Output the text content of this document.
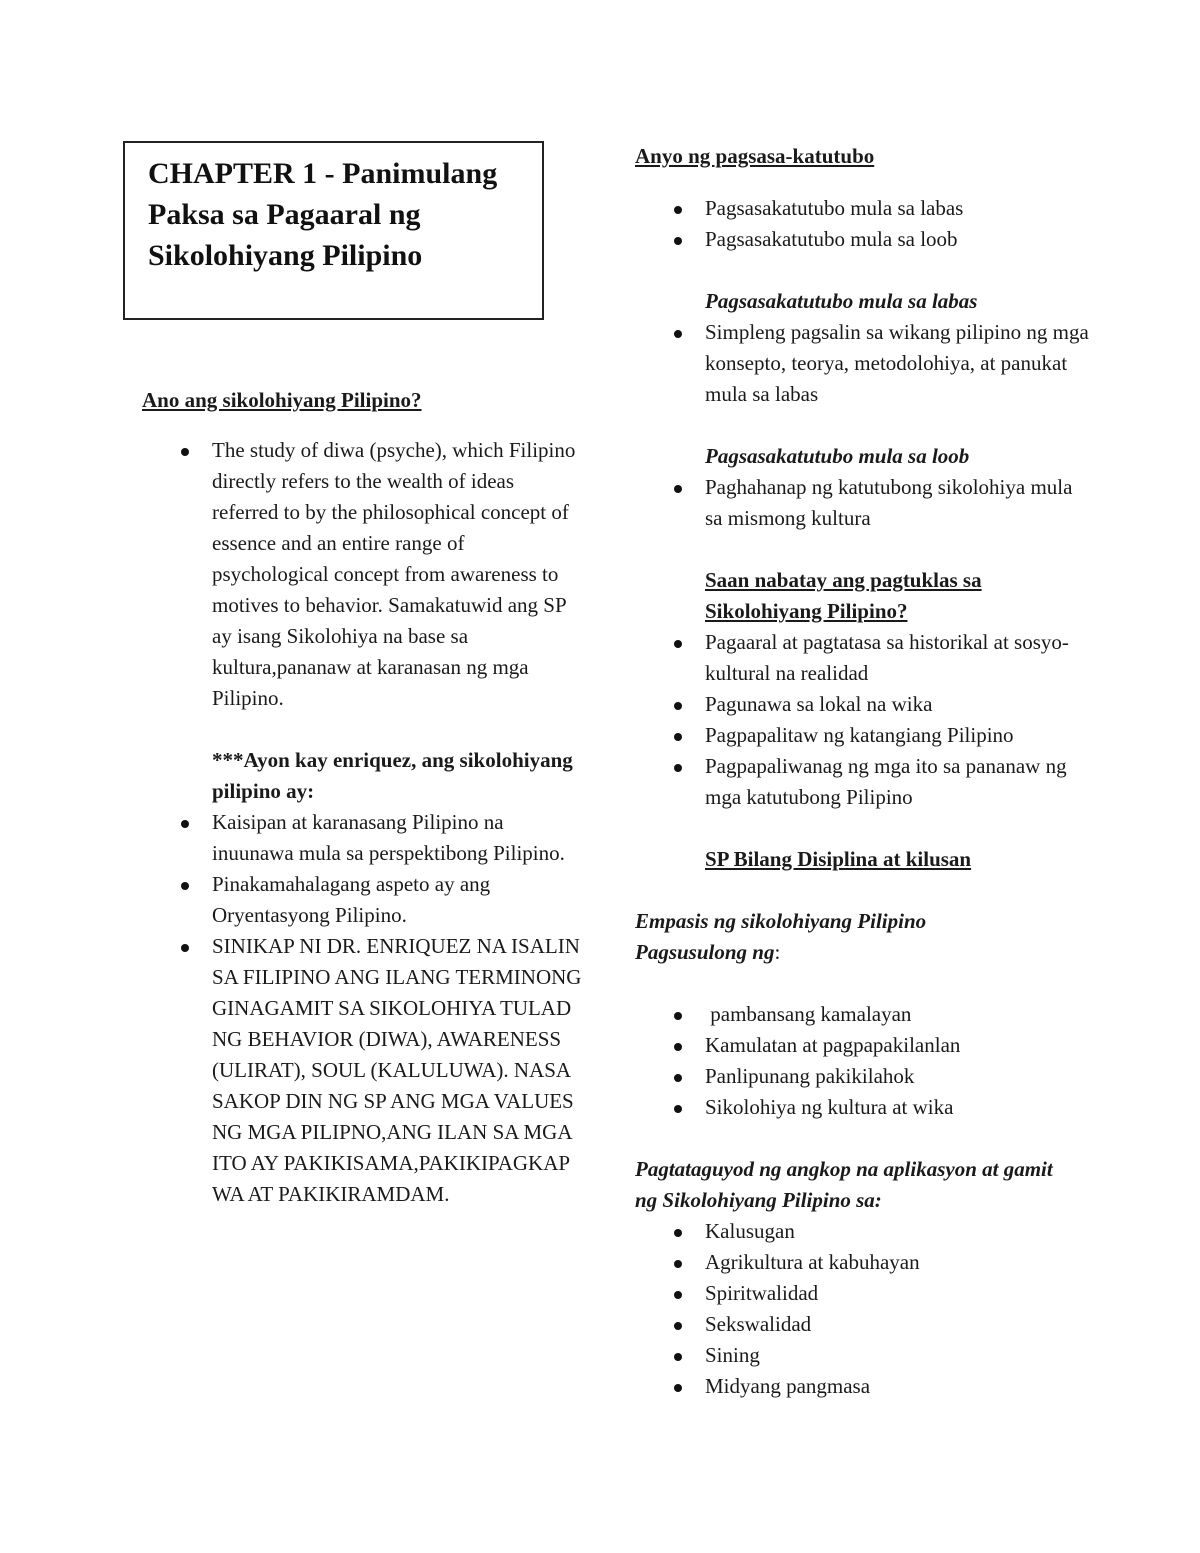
CHAPTER 1 - Panimulang Paksa sa Pagaaral ng Sikolohiyang Pilipino

Ano ang sikolohiyang Pilipino?

The study of diwa (psyche), which Filipino directly refers to the wealth of ideas referred to by the philosophical concept of essence and an entire range of psychological concept from awareness to motives to behavior. Samakatuwid ang SP ay isang Sikolohiya na base sa kultura,pananaw at karanasan ng mga Pilipino.

***Ayon kay enriquez, ang sikolohiyang pilipino ay:

Kaisipan at karanasang Pilipino na inuunawa mula sa perspektibong Pilipino.
Pinakamahalagang aspeto ay ang Oryentasyong Pilipino.
SINIKAP NI DR. ENRIQUEZ NA ISALIN SA FILIPINO ANG ILANG TERMINONG GINAGAMIT SA SIKOLOHIYA TULAD NG BEHAVIOR (DIWA), AWARENESS (ULIRAT), SOUL (KALULUWA). NASASAKOP DIN NG SP ANG MGA VALUES NG MGA PILIPNO,ANG ILAN SA MGA ITO AY PAKIKISAMA,PAKIKIPAGKAPWA AT PAKIKIRAMDAM.

Anyo ng pagsasa-katutubo

Pagsasakatutubo mula sa labas
Pagsasakatutubo mula sa loob

Pagsasakatutubo mula sa labas

Simpleng pagsalin sa wikang pilipino ng mga konsepto, teorya, metodolohiya, at panukat mula sa labas

Pagsasakatutubo mula sa loob

Paghahanap ng katutubong sikolohiya mula sa mismong kultura

Saan nabatay ang pagtuklas sa Sikolohiyang Pilipino?

Pagaaral at pagtatasa sa historikal at sosyo-kultural na realidad
Pagunawa sa lokal na wika
Pagpapalitaw ng katangiang Pilipino
Pagpapaliwanag ng mga ito sa pananaw ng mga katutubong Pilipino

SP Bilang Disiplina at kilusan

Empasis ng sikolohiyang Pilipino Pagsusulong ng:

pambansang kamalayan
Kamulatan at pagpapakilanlan
Panlipunang pakikilahok
Sikolohiya ng kultura at wika

Pagtataguyod ng angkop na aplikasyon at gamit ng Sikolohiyang Pilipino sa:

Kalusugan
Agrikultura at kabuhayan
Spiritwalidad
Sekswalidad
Sining
Midyang pangmasa
